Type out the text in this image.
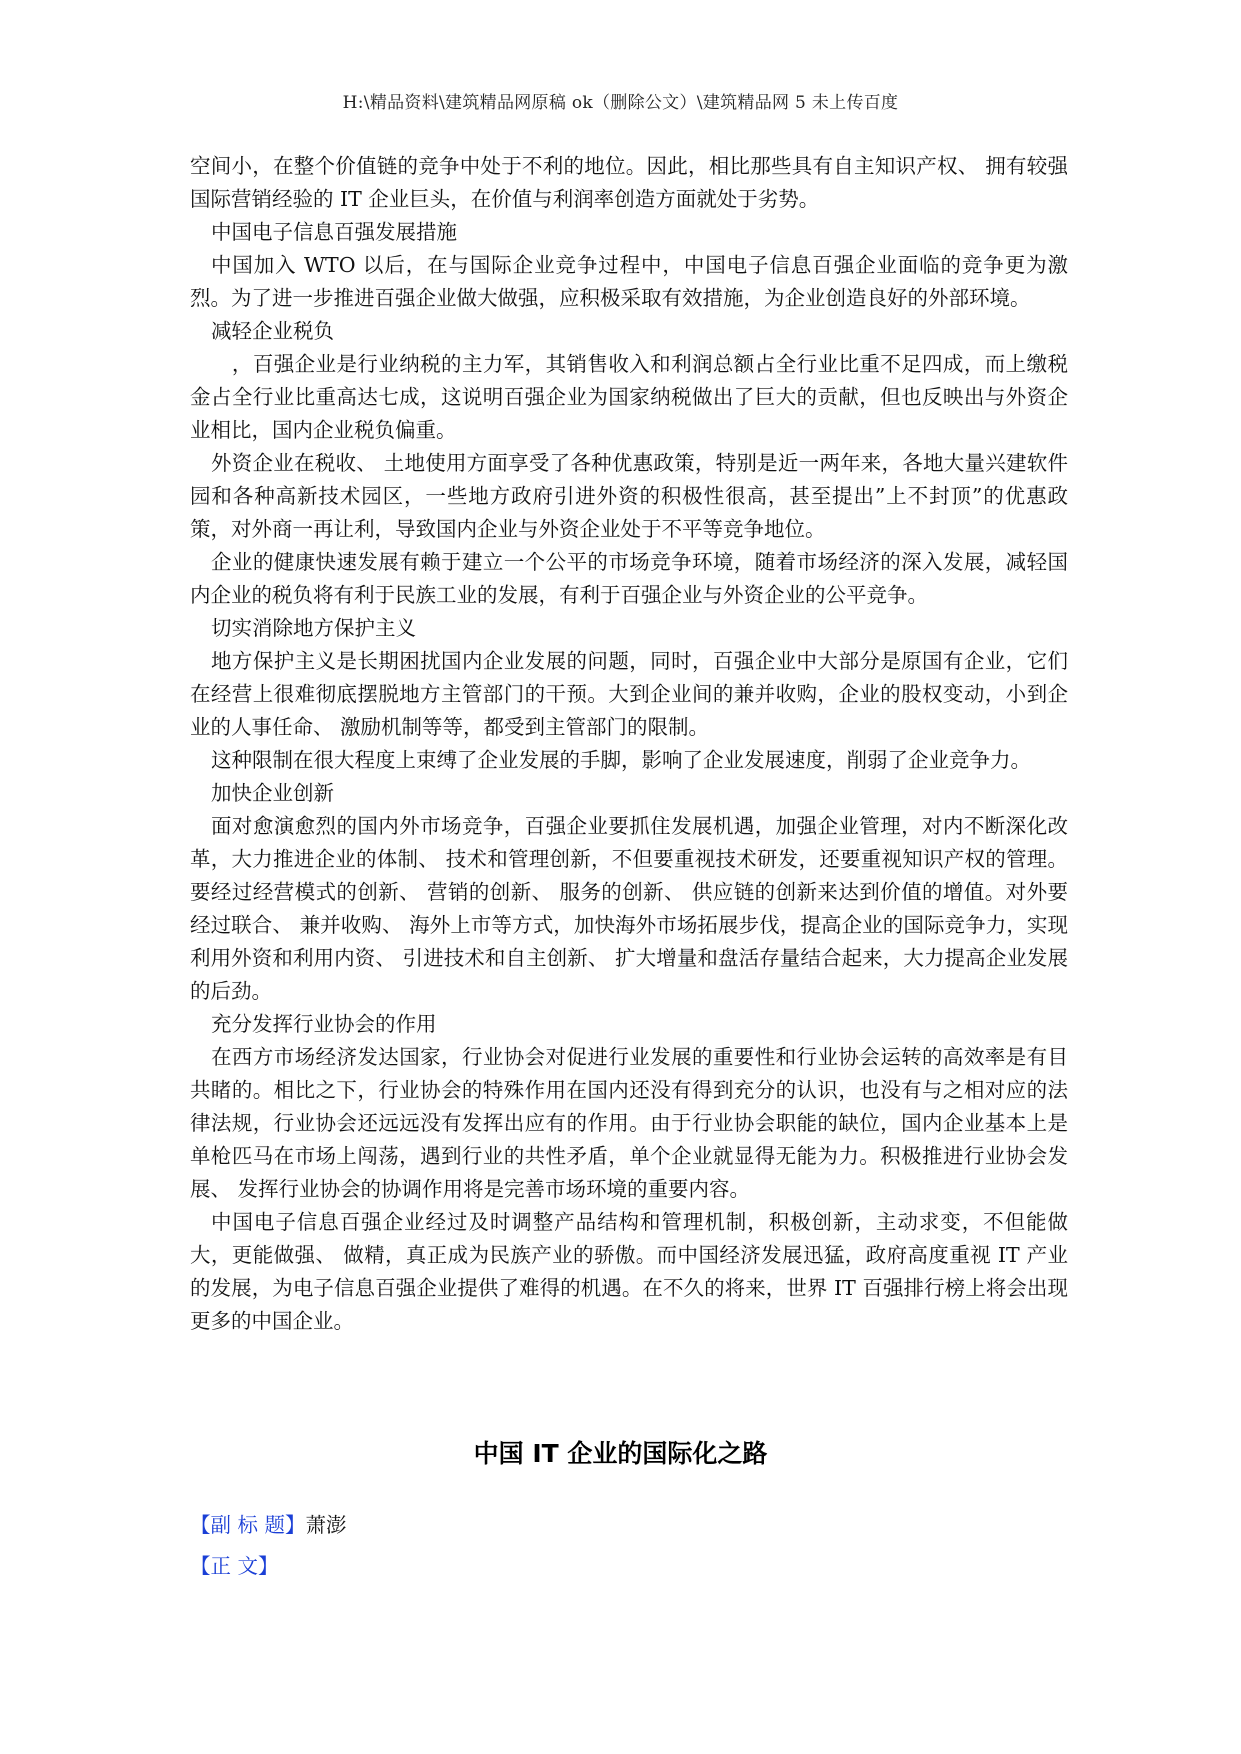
H:\精品资料\建筑精品网原稿 ok（删除公文）\建筑精品网 5 未上传百度

空间小，在整个价值链的竞争中处于不利的地位。因此，相比那些具有自主知识产权、 拥有较强国际营销经验的 IT 企业巨头，在价值与利润率创造方面就处于劣势。

中国电子信息百强发展措施

中国加入 WTO 以后，在与国际企业竞争过程中，中国电子信息百强企业面临的竞争更为激烈。为了进一步推进百强企业做大做强，应积极采取有效措施，为企业创造良好的外部环境。

减轻企业税负

　，百强企业是行业纳税的主力军，其销售收入和利润总额占全行业比重不足四成，而上缴税金占全行业比重高达七成，这说明百强企业为国家纳税做出了巨大的贡献，但也反映出与外资企业相比，国内企业税负偏重。

外资企业在税收、 土地使用方面享受了各种优惠政策，特别是近一两年来，各地大量兴建软件园和各种高新技术园区，一些地方政府引进外资的积极性很高，甚至提出”上不封顶”的优惠政策，对外商一再让利，导致国内企业与外资企业处于不平等竞争地位。

企业的健康快速发展有赖于建立一个公平的市场竞争环境，随着市场经济的深入发展，减轻国内企业的税负将有利于民族工业的发展，有利于百强企业与外资企业的公平竞争。

切实消除地方保护主义

地方保护主义是长期困扰国内企业发展的问题，同时，百强企业中大部分是原国有企业，它们在经营上很难彻底摆脱地方主管部门的干预。大到企业间的兼并收购，企业的股权变动，小到企业的人事任命、 激励机制等等，都受到主管部门的限制。

这种限制在很大程度上束缚了企业发展的手脚，影响了企业发展速度，削弱了企业竞争力。

加快企业创新

面对愈演愈烈的国内外市场竞争，百强企业要抓住发展机遇，加强企业管理，对内不断深化改革，大力推进企业的体制、 技术和管理创新，不但要重视技术研发，还要重视知识产权的管理。要经过经营模式的创新、 营销的创新、 服务的创新、 供应链的创新来达到价值的增值。对外要经过联合、 兼并收购、 海外上市等方式，加快海外市场拓展步伐，提高企业的国际竞争力，实现利用外资和利用内资、 引进技术和自主创新、 扩大增量和盘活存量结合起来，大力提高企业发展的后劲。

充分发挥行业协会的作用

在西方市场经济发达国家，行业协会对促进行业发展的重要性和行业协会运转的高效率是有目共睹的。相比之下，行业协会的特殊作用在国内还没有得到充分的认识，也没有与之相对应的法律法规，行业协会还远远没有发挥出应有的作用。由于行业协会职能的缺位，国内企业基本上是单枪匹马在市场上闯荡，遇到行业的共性矛盾，单个企业就显得无能为力。积极推进行业协会发展、 发挥行业协会的协调作用将是完善市场环境的重要内容。

中国电子信息百强企业经过及时调整产品结构和管理机制，积极创新，主动求变，不但能做大，更能做强、 做精，真正成为民族产业的骄傲。而中国经济发展迅猛，政府高度重视 IT 产业的发展，为电子信息百强企业提供了难得的机遇。在不久的将来，世界 IT 百强排行榜上将会出现更多的中国企业。

中国 IT 企业的国际化之路
【副 标 题】萧澎
【正 文】
